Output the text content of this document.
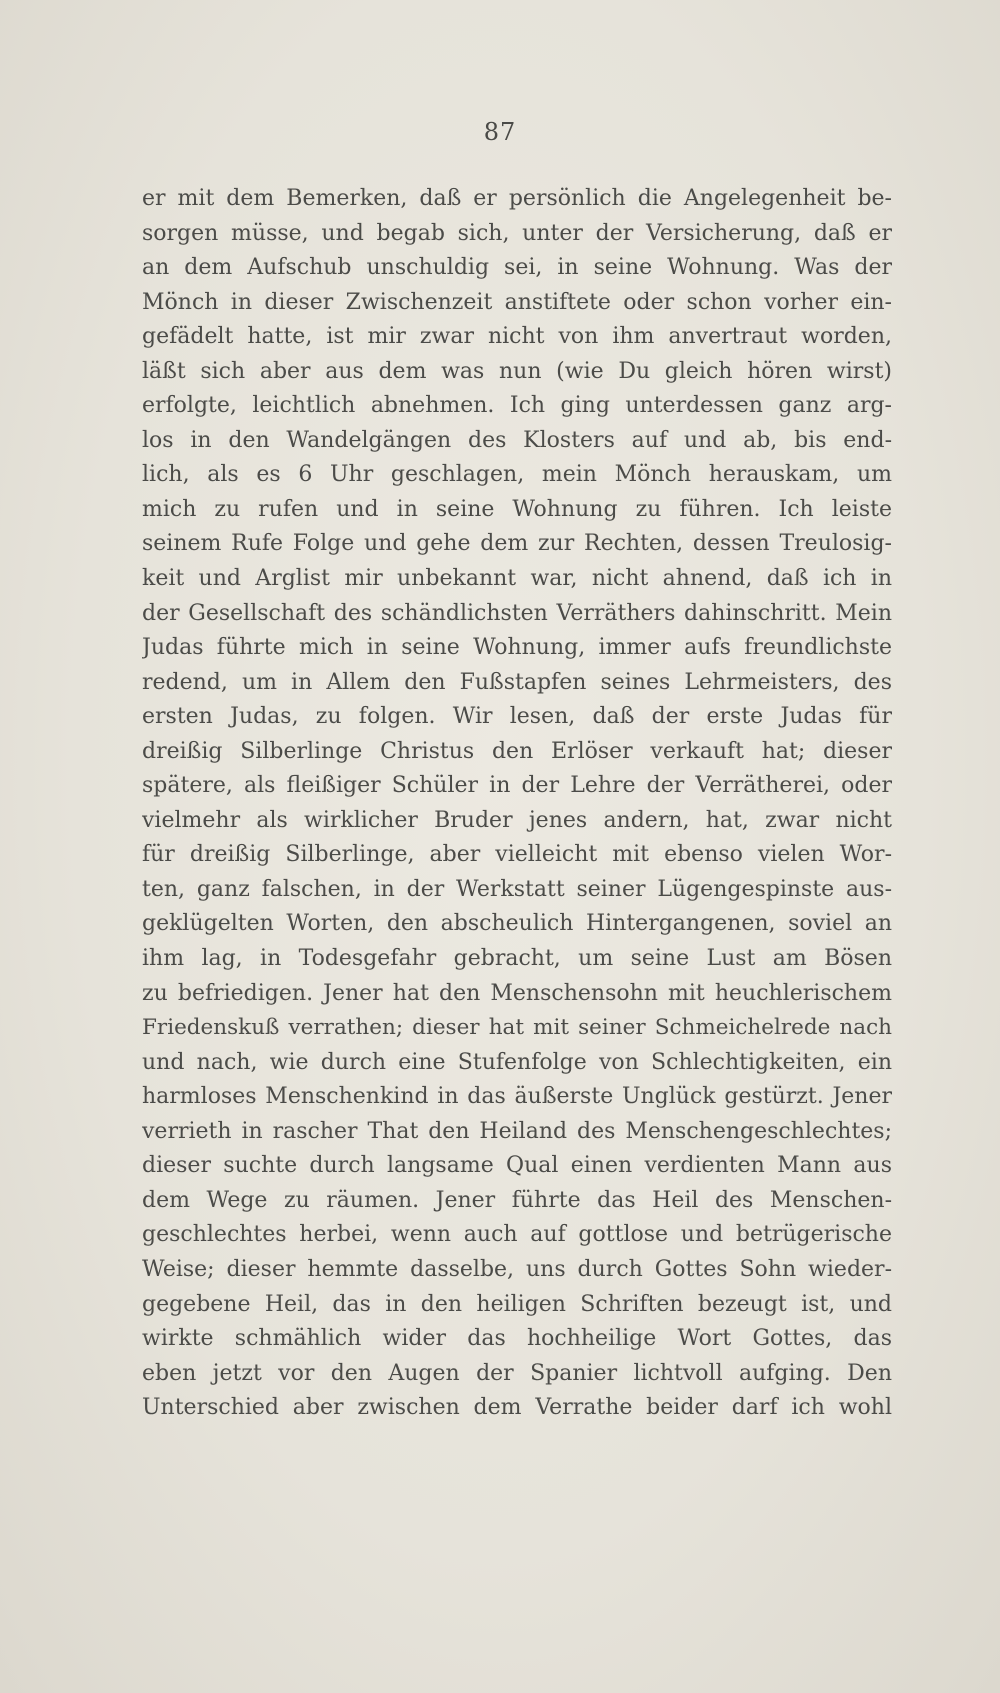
87
er mit dem Bemerken, daß er persönlich die Angelegenheit be-
sorgen müsse, und begab sich, unter der Versicherung, daß er
an dem Aufschub unschuldig sei, in seine Wohnung. Was der
Mönch in dieser Zwischenzeit anstiftete oder schon vorher ein-
gefädelt hatte, ist mir zwar nicht von ihm anvertraut worden,
läßt sich aber aus dem was nun (wie Du gleich hören wirst)
erfolgte, leichtlich abnehmen. Ich ging unterdessen ganz arg-
los in den Wandelgängen des Klosters auf und ab, bis end-
lich, als es 6 Uhr geschlagen, mein Mönch herauskam, um
mich zu rufen und in seine Wohnung zu führen. Ich leiste
seinem Rufe Folge und gehe dem zur Rechten, dessen Treulosig-
keit und Arglist mir unbekannt war, nicht ahnend, daß ich in
der Gesellschaft des schändlichsten Verräthers dahinschritt. Mein
Judas führte mich in seine Wohnung, immer aufs freundlichste
redend, um in Allem den Fußstapfen seines Lehrmeisters, des
ersten Judas, zu folgen. Wir lesen, daß der erste Judas für
dreißig Silberlinge Christus den Erlöser verkauft hat; dieser
spätere, als fleißiger Schüler in der Lehre der Verrätherei, oder
vielmehr als wirklicher Bruder jenes andern, hat, zwar nicht
für dreißig Silberlinge, aber vielleicht mit ebenso vielen Wor-
ten, ganz falschen, in der Werkstatt seiner Lügengespinste aus-
geklügelten Worten, den abscheulich Hintergangenen, soviel an
ihm lag, in Todesgefahr gebracht, um seine Lust am Bösen
zu befriedigen. Jener hat den Menschensohn mit heuchlerischem
Friedenskuß verrathen; dieser hat mit seiner Schmeichelrede nach
und nach, wie durch eine Stufenfolge von Schlechtigkeiten, ein
harmloses Menschenkind in das äußerste Unglück gestürzt. Jener
verrieth in rascher That den Heiland des Menschengeschlechtes;
dieser suchte durch langsame Qual einen verdienten Mann aus
dem Wege zu räumen. Jener führte das Heil des Menschen-
geschlechtes herbei, wenn auch auf gottlose und betrügerische
Weise; dieser hemmte dasselbe, uns durch Gottes Sohn wieder-
gegebene Heil, das in den heiligen Schriften bezeugt ist, und
wirkte schmählich wider das hochheilige Wort Gottes, das
eben jetzt vor den Augen der Spanier lichtvoll aufging. Den
Unterschied aber zwischen dem Verrathe beider darf ich wohl
